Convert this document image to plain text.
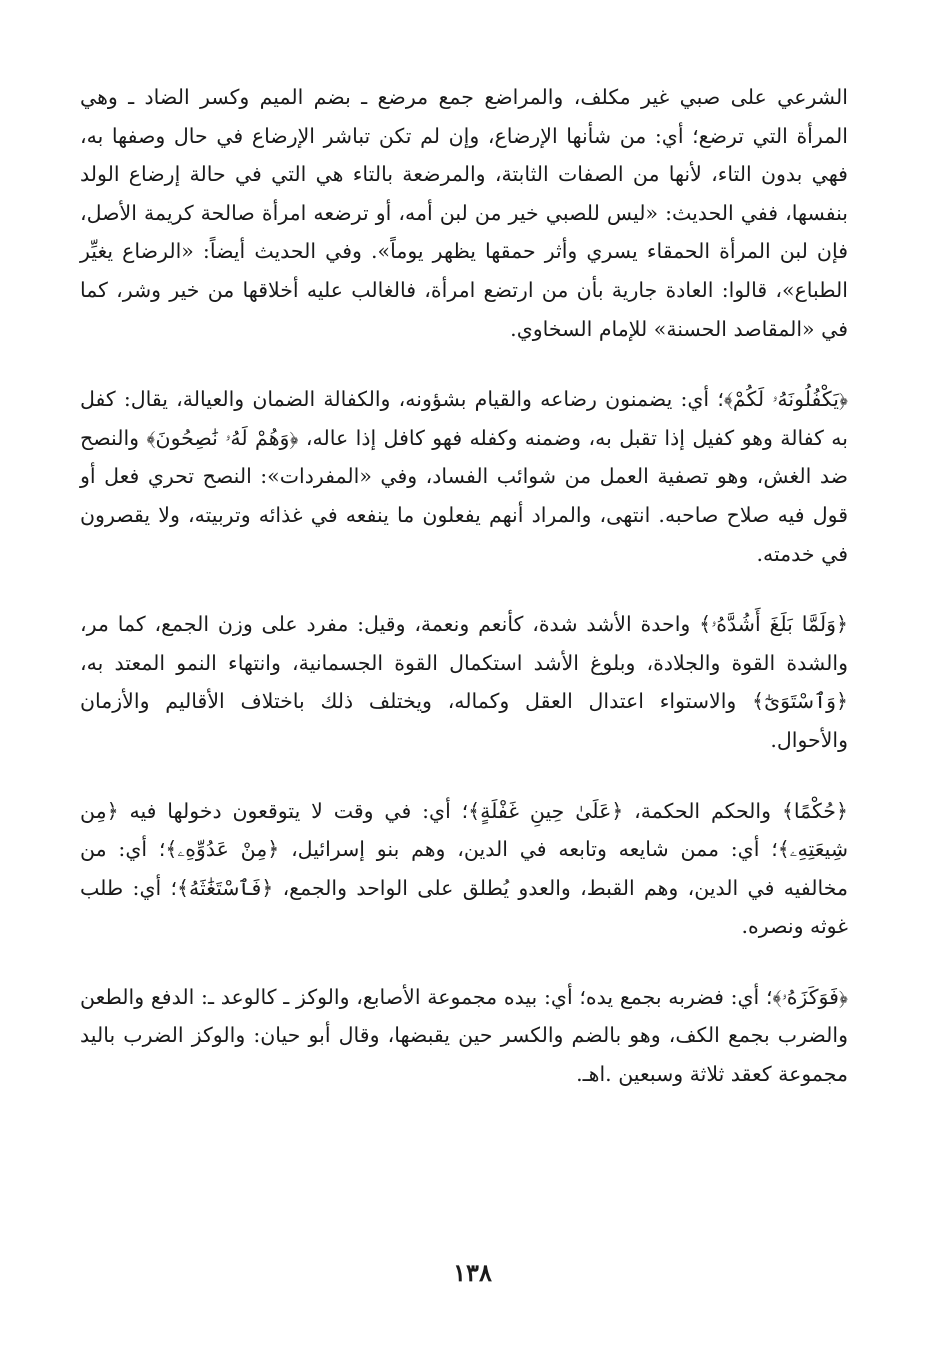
الشرعي على صبي غير مكلف، والمراضع جمع مرضع ـ بضم الميم وكسر الضاد ـ وهي المرأة التي ترضع؛ أي: من شأنها الإرضاع، وإن لم تكن تباشر الإرضاع في حال وصفها به، فهي بدون التاء، لأنها من الصفات الثابتة، والمرضعة بالتاء هي التي في حالة إرضاع الولد بنفسها، ففي الحديث: «ليس للصبي خير من لبن أمه، أو ترضعه امرأة صالحة كريمة الأصل، فإن لبن المرأة الحمقاء يسري وأثر حمقها يظهر يوماً». وفي الحديث أيضاً: «الرضاع يغيِّر الطباع»، قالوا: العادة جارية بأن من ارتضع امرأة، فالغالب عليه أخلاقها من خير وشر، كما في «المقاصد الحسنة» للإمام السخاوي.

﴿يَكْفُلُونَهُۥ لَكُمْ﴾؛ أي: يضمنون رضاعه والقيام بشؤونه، والكفالة الضمان والعيالة، يقال: كفل به كفالة وهو كفيل إذا تقبل به، وضمنه وكفله فهو كافل إذا عاله، ﴿وَهُمْ لَهُۥ نَٰصِحُونَ﴾ والنصح ضد الغش، وهو تصفية العمل من شوائب الفساد، وفي «المفردات»: النصح تحري فعل أو قول فيه صلاح صاحبه. انتهى، والمراد أنهم يفعلون ما ينفعه في غذائه وتربيته، ولا يقصرون في خدمته.

﴿وَلَمَّا بَلَغَ أَشُدَّهُۥ﴾ واحدة الأشد شدة، كأنعم ونعمة، وقيل: مفرد على وزن الجمع، كما مر، والشدة القوة والجلادة، وبلوغ الأشد استكمال القوة الجسمانية، وانتهاء النمو المعتد به، ﴿وَٱسْتَوَىٰٓ﴾ والاستواء اعتدال العقل وكماله، ويختلف ذلك باختلاف الأقاليم والأزمان والأحوال.

﴿حُكْمًا﴾ والحكم الحكمة، ﴿عَلَىٰ حِينِ غَفْلَةٍ﴾؛ أي: في وقت لا يتوقعون دخولها فيه ﴿مِن شِيعَتِهِۦ﴾؛ أي: ممن شايعه وتابعه في الدين، وهم بنو إسرائيل، ﴿مِنْ عَدُوِّهِۦ﴾؛ أي: من مخالفيه في الدين، وهم القبط، والعدو يُطلق على الواحد والجمع، ﴿فَٱسْتَغَٰثَهُ﴾؛ أي: طلب غوثه ونصره.

﴿فَوَكَزَهُۥ﴾؛ أي: فضربه بجمع يده؛ أي: بيده مجموعة الأصابع، والوكز ـ كالوعد ـ: الدفع والطعن والضرب بجمع الكف، وهو بالضم والكسر حين يقبضها، وقال أبو حيان: والوكز الضرب باليد مجموعة كعقد ثلاثة وسبعين .اهـ.

١٣٨
